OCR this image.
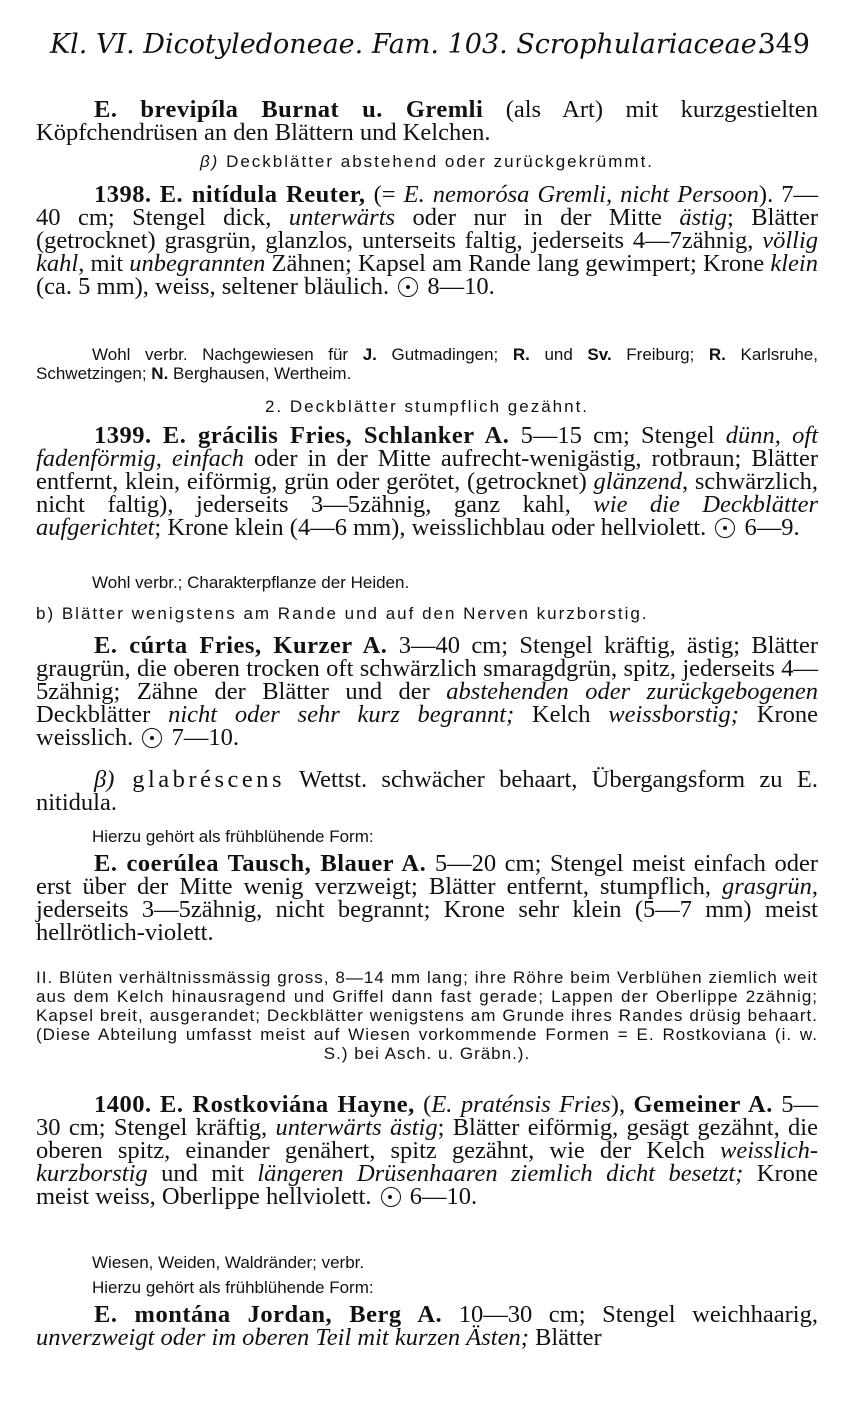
Kl. VI. Dicotyledoneae. Fam. 103. Scrophulariaceae.
349

E. brevipíla Burnat u. Gremli (als Art) mit kurzgestielten Köpfchendrüsen an den Blättern und Kelchen.

β) Deckblätter abstehend oder zurückgekrümmt.

1398. E. nitídula Reuter, (= E. nemorósa Gremli, nicht Persoon). 7—40 cm; Stengel dick, unterwärts oder nur in der Mitte ästig; Blätter (getrocknet) grasgrün, glanzlos, unterseits faltig, jederseits 4—7zähnig, völlig kahl, mit unbegrannten Zähnen; Kapsel am Rande lang gewimpert; Krone klein (ca. 5 mm), weiss, seltener bläulich.  8—10.

Wohl verbr. Nachgewiesen für J. Gutmadingen; R. und Sv. Freiburg; R. Karlsruhe, Schwetzingen; N. Berghausen, Wertheim.

2. Deckblätter stumpflich gezähnt.

1399. E. grácilis Fries, Schlanker A. 5—15 cm; Stengel dünn, oft fadenförmig, einfach oder in der Mitte aufrecht-wenigästig, rotbraun; Blätter entfernt, klein, eiförmig, grün oder gerötet, (getrocknet) glänzend, schwärzlich, nicht faltig), jederseits 3—5zähnig, ganz kahl, wie die Deckblätter aufgerichtet; Krone klein (4—6 mm), weisslichblau oder hellviolett.  6—9.

Wohl verbr.; Charakterpflanze der Heiden.

b) Blätter wenigstens am Rande und auf den Nerven kurzborstig.

E. cúrta Fries, Kurzer A. 3—40 cm; Stengel kräftig, ästig; Blätter graugrün, die oberen trocken oft schwärzlich smaragdgrün, spitz, jederseits 4—5zähnig; Zähne der Blätter und der abstehenden oder zurückgebogenen Deckblätter nicht oder sehr kurz begrannt; Kelch weissborstig; Krone weisslich.  7—10.

β) glabréscens Wettst. schwächer behaart, Übergangsform zu E. nitidula.

Hierzu gehört als frühblühende Form:

E. coerúlea Tausch, Blauer A. 5—20 cm; Stengel meist einfach oder erst über der Mitte wenig verzweigt; Blätter entfernt, stumpflich, grasgrün, jederseits 3—5zähnig, nicht begrannt; Krone sehr klein (5—7 mm) meist hellrötlich-violett.

II. Blüten verhältnissmässig gross, 8—14 mm lang; ihre Röhre beim Verblühen ziemlich weit aus dem Kelch hinausragend und Griffel dann fast gerade; Lappen der Oberlippe 2zähnig; Kapsel breit, ausgerandet; Deckblätter wenigstens am Grunde ihres Randes drüsig behaart. (Diese Abteilung umfasst meist auf Wiesen vorkommende Formen = E. Rostkoviana (i. w. S.) bei Asch. u. Gräbn.).

1400. E. Rostkoviána Hayne, (E. praténsis Fries), Gemeiner A. 5—30 cm; Stengel kräftig, unterwärts ästig; Blätter eiförmig, gesägt gezähnt, die oberen spitz, einander genähert, spitz gezähnt, wie der Kelch weisslich-kurzborstig und mit längeren Drüsenhaaren ziemlich dicht besetzt; Krone meist weiss, Oberlippe hellviolett.  6—10.

Wiesen, Weiden, Waldränder; verbr.

Hierzu gehört als frühblühende Form:

E. montána Jordan, Berg A. 10—30 cm; Stengel weichhaarig, unverzweigt oder im oberen Teil mit kurzen Ästen; Blätter
